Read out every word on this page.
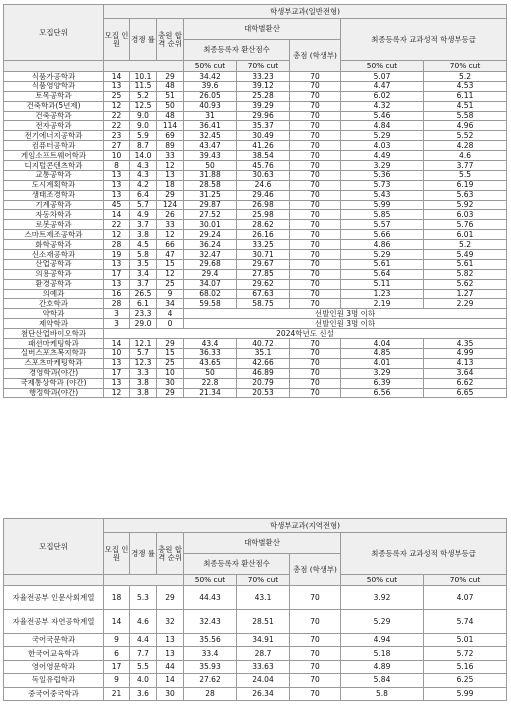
모집단위	학생부교과(일반전형)							
	모집 인원	경쟁 률	충원 합격 순위	대학별환산			최종등록자 교과성적 학생부등급	
				최종등록자 환산점수		총점 (학생부)		
				50% cut	70% cut		50% cut	70% cut
식품가공학과	14	10.1	29	34.42	33.23	70	5.07	5.2
식품영양학과	13	11.5	48	39.6	39.12	70	4.47	4.53
토목공학과	25	5.2	51	26.05	25.28	70	6.02	6.11
건축학과(5년제)	12	12.5	50	40.93	39.29	70	4.32	4.51
건축공학과	22	9.0	48	31	29.96	70	5.46	5.58
전자공학과	22	9.0	114	36.41	35.37	70	4.84	4.96
전기에너지공학과	23	5.9	69	32.45	30.49	70	5.29	5.52
컴퓨터공학과	27	8.7	89	43.47	41.26	70	4.03	4.28
게임소프트웨어학과	10	14.0	33	39.43	38.54	70	4.49	4.6
디지털콘텐츠학과	8	4.3	12	50	45.76	70	3.29	3.77
교통공학과	13	4.3	13	31.88	30.63	70	5.36	5.5
도시계획학과	13	4.2	18	28.58	24.6	70	5.73	6.19
생태조경학과	13	6.4	29	31.25	29.46	70	5.43	5.63
기계공학과	45	5.7	124	29.87	26.98	70	5.99	5.92
자동차학과	14	4.9	26	27.52	25.98	70	5.85	6.03
로봇공학과	22	3.7	33	30.01	28.62	70	5.57	5.76
스마트제조공학과	12	3.8	12	29.24	26.16	70	5.66	6.01
화학공학과	28	4.5	66	36.24	33.25	70	4.86	5.2
신소재공학과	19	5.8	47	32.47	30.71	70	5.29	5.49
산업공학과	13	3.5	15	29.68	29.67	70	5.61	5.61
의용공학과	17	3.4	12	29.4	27.85	70	5.64	5.82
환경공학과	13	3.7	25	34.07	29.62	70	5.11	5.62
의예과	16	26.5	9	68.02	67.63	70	1.23	1.27
간호학과	28	6.1	34	59.58	58.75	70	2.19	2.29
약학과	3	23.3	4	선발인원 3명 이하				
제약학과	3	29.0	0	선발인원 3명 이하				
첨단산업바이오학과	2024학년도 신설							
패션마케팅학과	14	12.1	29	43.4	40.72	70	4.04	4.35
실버스포츠복지학과	10	5.7	15	36.33	35.1	70	4.85	4.99
스포츠마케팅학과	13	12.3	25	43.65	42.66	70	4.01	4.13
경영학과(야간)	17	3.3	10	50	46.89	70	3.29	3.64
국제통상학과 (야간)	13	3.8	30	22.8	20.79	70	6.39	6.62
행정학과(야간)	12	3.8	29	21.34	20.53	70	6.56	6.65
모집단위	학생부교과(지역전형)							
	모집 인원	경쟁 률	충원 합격 순위	대학별환산			최종등록자 교과성적 학생부등급	
				최종등록자 환산점수		총점 (학생부)		
				50% cut	70% cut		50% cut	70% cut
자율전공부 인문사회계열	18	5.3	29	44.43	43.1	70	3.92	4.07
자율전공부 자연공학계열	14	4.6	32	32.43	28.51	70	5.29	5.74
국어국문학과	9	4.4	13	35.56	34.91	70	4.94	5.01
한국어교육학과	6	7.7	13	33.4	28.7	70	5.18	5.72
영어영문학과	17	5.5	44	35.93	33.63	70	4.89	5.16
독일유럽학과	9	4.0	14	27.62	24.04	70	5.84	6.25
중국어중국학과	21	3.6	30	28	26.34	70	5.8	5.99
